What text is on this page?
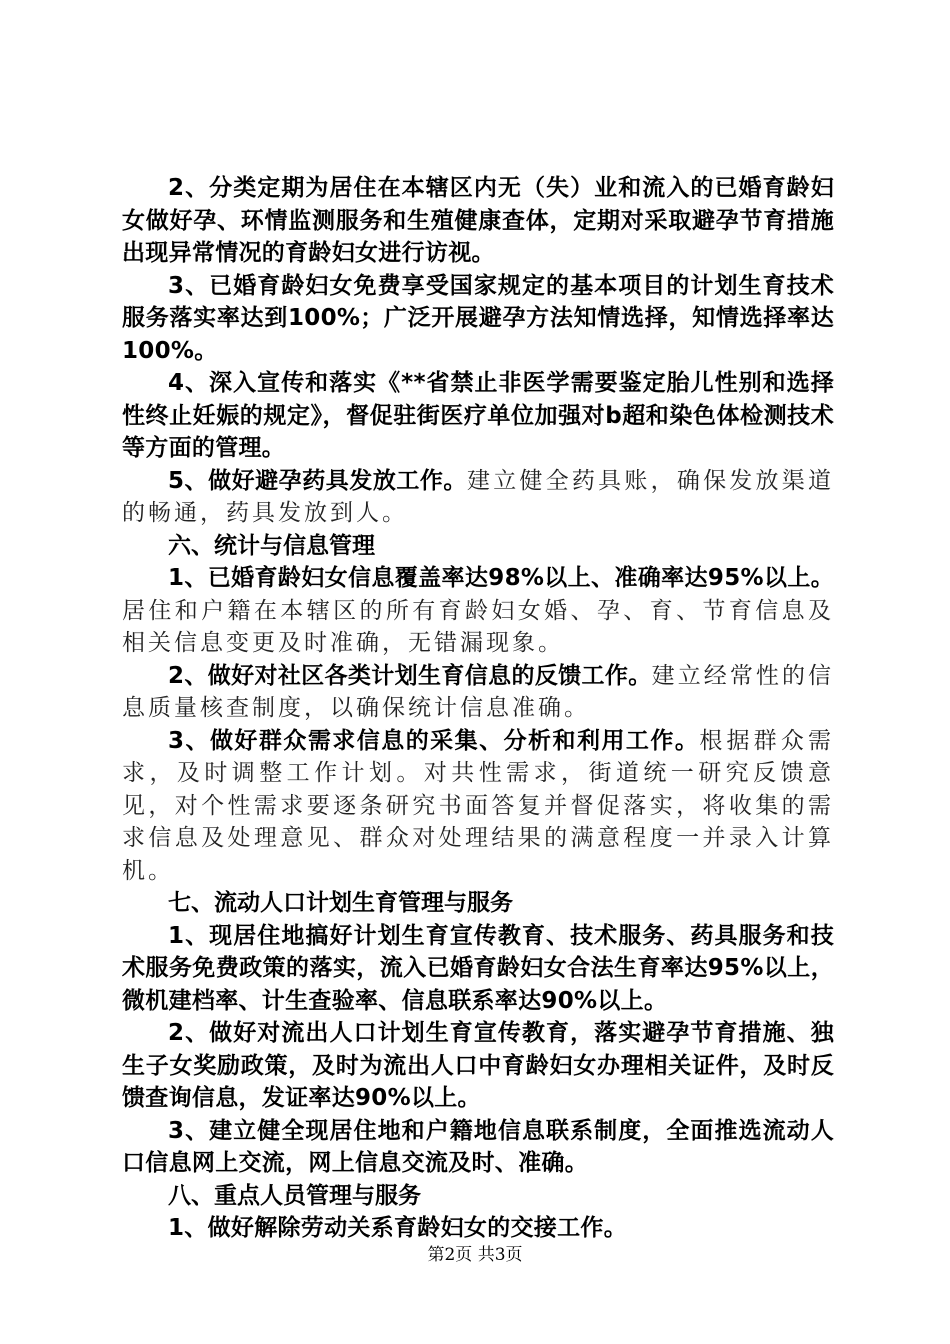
2、分类定期为居住在本辖区内无（失）业和流入的已婚育龄妇女做好孕、环情监测服务和生殖健康查体，定期对采取避孕节育措施出现异常情况的育龄妇女进行访视。

3、已婚育龄妇女免费享受国家规定的基本项目的计划生育技术服务落实率达到100%；广泛开展避孕方法知情选择，知情选择率达100%。

4、深入宣传和落实《**省禁止非医学需要鉴定胎儿性别和选择性终止妊娠的规定》，督促驻街医疗单位加强对b超和染色体检测技术等方面的管理。

5、做好避孕药具发放工作。建立健全药具账，确保发放渠道的畅通，药具发放到人。

六、统计与信息管理

1、已婚育龄妇女信息覆盖率达98%以上、准确率达95%以上。居住和户籍在本辖区的所有育龄妇女婚、孕、育、节育信息及相关信息变更及时准确，无错漏现象。

2、做好对社区各类计划生育信息的反馈工作。建立经常性的信息质量核查制度，以确保统计信息准确。

3、做好群众需求信息的采集、分析和利用工作。根据群众需求，及时调整工作计划。对共性需求，街道统一研究反馈意见，对个性需求要逐条研究书面答复并督促落实，将收集的需求信息及处理意见、群众对处理结果的满意程度一并录入计算机。

七、流动人口计划生育管理与服务

1、现居住地搞好计划生育宣传教育、技术服务、药具服务和技术服务免费政策的落实，流入已婚育龄妇女合法生育率达95%以上，微机建档率、计生查验率、信息联系率达90%以上。

2、做好对流出人口计划生育宣传教育，落实避孕节育措施、独生子女奖励政策，及时为流出人口中育龄妇女办理相关证件，及时反馈查询信息，发证率达90%以上。

3、建立健全现居住地和户籍地信息联系制度，全面推选流动人口信息网上交流，网上信息交流及时、准确。

八、重点人员管理与服务

1、做好解除劳动关系育龄妇女的交接工作。

第2页 共3页
